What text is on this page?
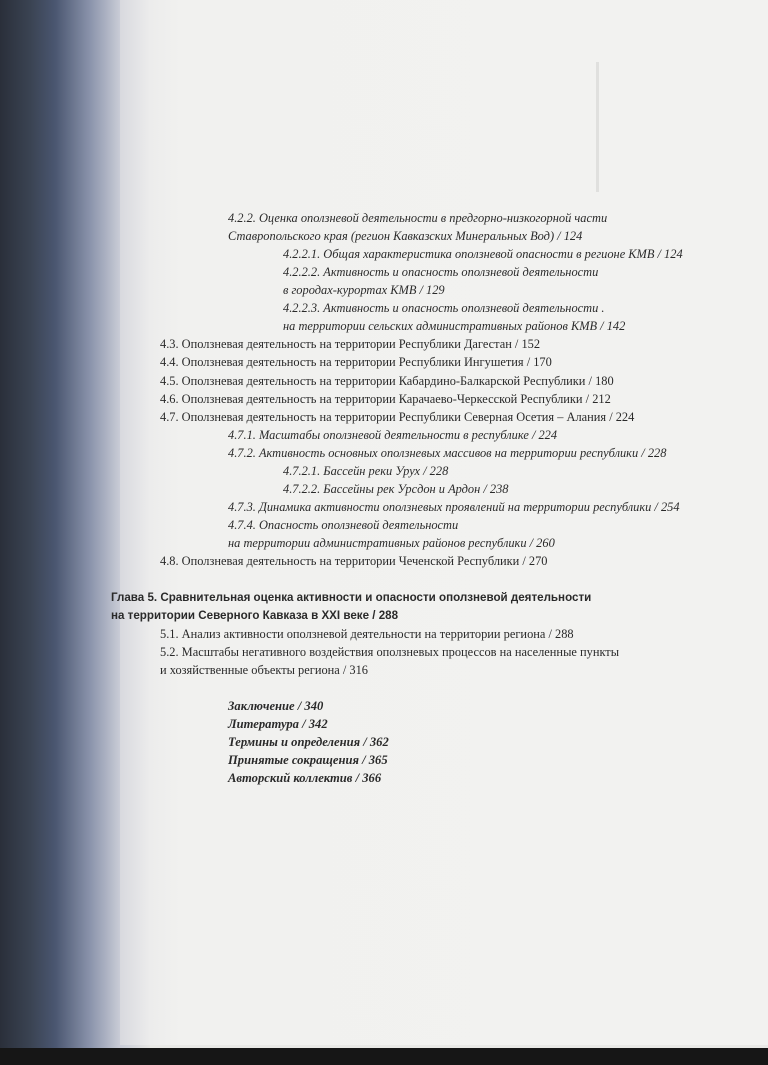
4.2.2. Оценка оползневой деятельности в предгорно-низкогорной части
Ставропольского края (регион Кавказских Минеральных Вод) / 124
4.2.2.1. Общая характеристика оползневой опасности в регионе КМВ / 124
4.2.2.2. Активность и опасность оползневой деятельности
в городах-курортах КМВ / 129
4.2.2.3. Активность и опасность оползневой деятельности .
на территории сельских административных районов КМВ / 142
4.3. Оползневая деятельность на территории Республики Дагестан / 152
4.4. Оползневая деятельность на территории Республики Ингушетия / 170
4.5. Оползневая деятельность на территории Кабардино-Балкарской Республики / 180
4.6. Оползневая деятельность на территории Карачаево-Черкесской Республики / 212
4.7. Оползневая деятельность на территории Республики Северная Осетия – Алания / 224
4.7.1. Масштабы оползневой деятельности в республике / 224
4.7.2. Активность основных оползневых массивов на территории республики / 228
4.7.2.1. Бассейн реки Урух / 228
4.7.2.2. Бассейны рек Урсдон и Ардон / 238
4.7.3. Динамика активности оползневых проявлений на территории республики / 254
4.7.4. Опасность оползневой деятельности
на территории административных районов республики / 260
4.8. Оползневая деятельность на территории Чеченской Республики / 270
Глава 5. Сравнительная оценка активности и опасности оползневой деятельности
на территории Северного Кавказа в XXI веке / 288
5.1. Анализ активности оползневой деятельности на территории региона / 288
5.2. Масштабы негативного воздействия оползневых процессов на населенные пункты
и хозяйственные объекты региона / 316
Заключение / 340
Литература / 342
Термины и определения / 362
Принятые сокращения / 365
Авторский коллектив / 366
